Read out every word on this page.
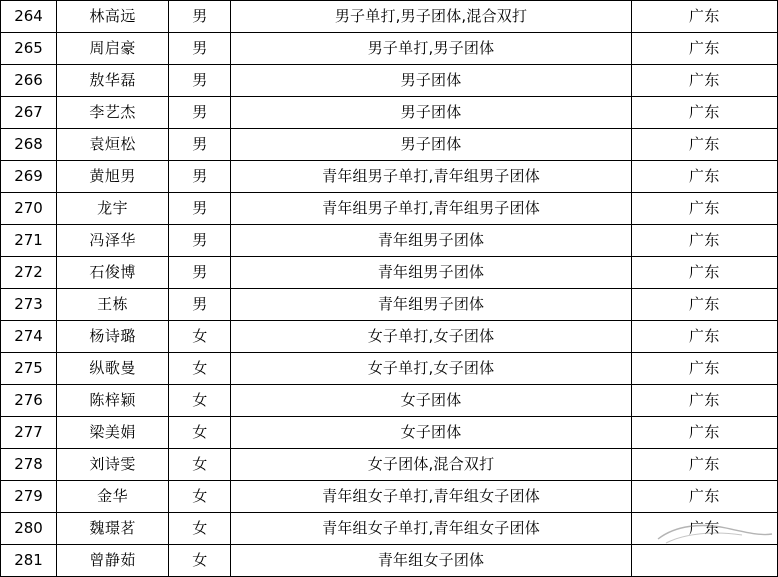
264	林高远	男	男子单打,男子团体,混合双打	广东
265	周启豪	男	男子单打,男子团体	广东
266	敖华磊	男	男子团体	广东
267	李艺杰	男	男子团体	广东
268	袁烜松	男	男子团体	广东
269	黄旭男	男	青年组男子单打,青年组男子团体	广东
270	龙宇	男	青年组男子单打,青年组男子团体	广东
271	冯泽华	男	青年组男子团体	广东
272	石俊博	男	青年组男子团体	广东
273	王栋	男	青年组男子团体	广东
274	杨诗璐	女	女子单打,女子团体	广东
275	纵歌曼	女	女子单打,女子团体	广东
276	陈梓颖	女	女子团体	广东
277	梁美娟	女	女子团体	广东
278	刘诗雯	女	女子团体,混合双打	广东
279	金华	女	青年组女子单打,青年组女子团体	广东
280	魏璟茗	女	青年组女子单打,青年组女子团体	广东
281	曾静茹	女	青年组女子团体	
